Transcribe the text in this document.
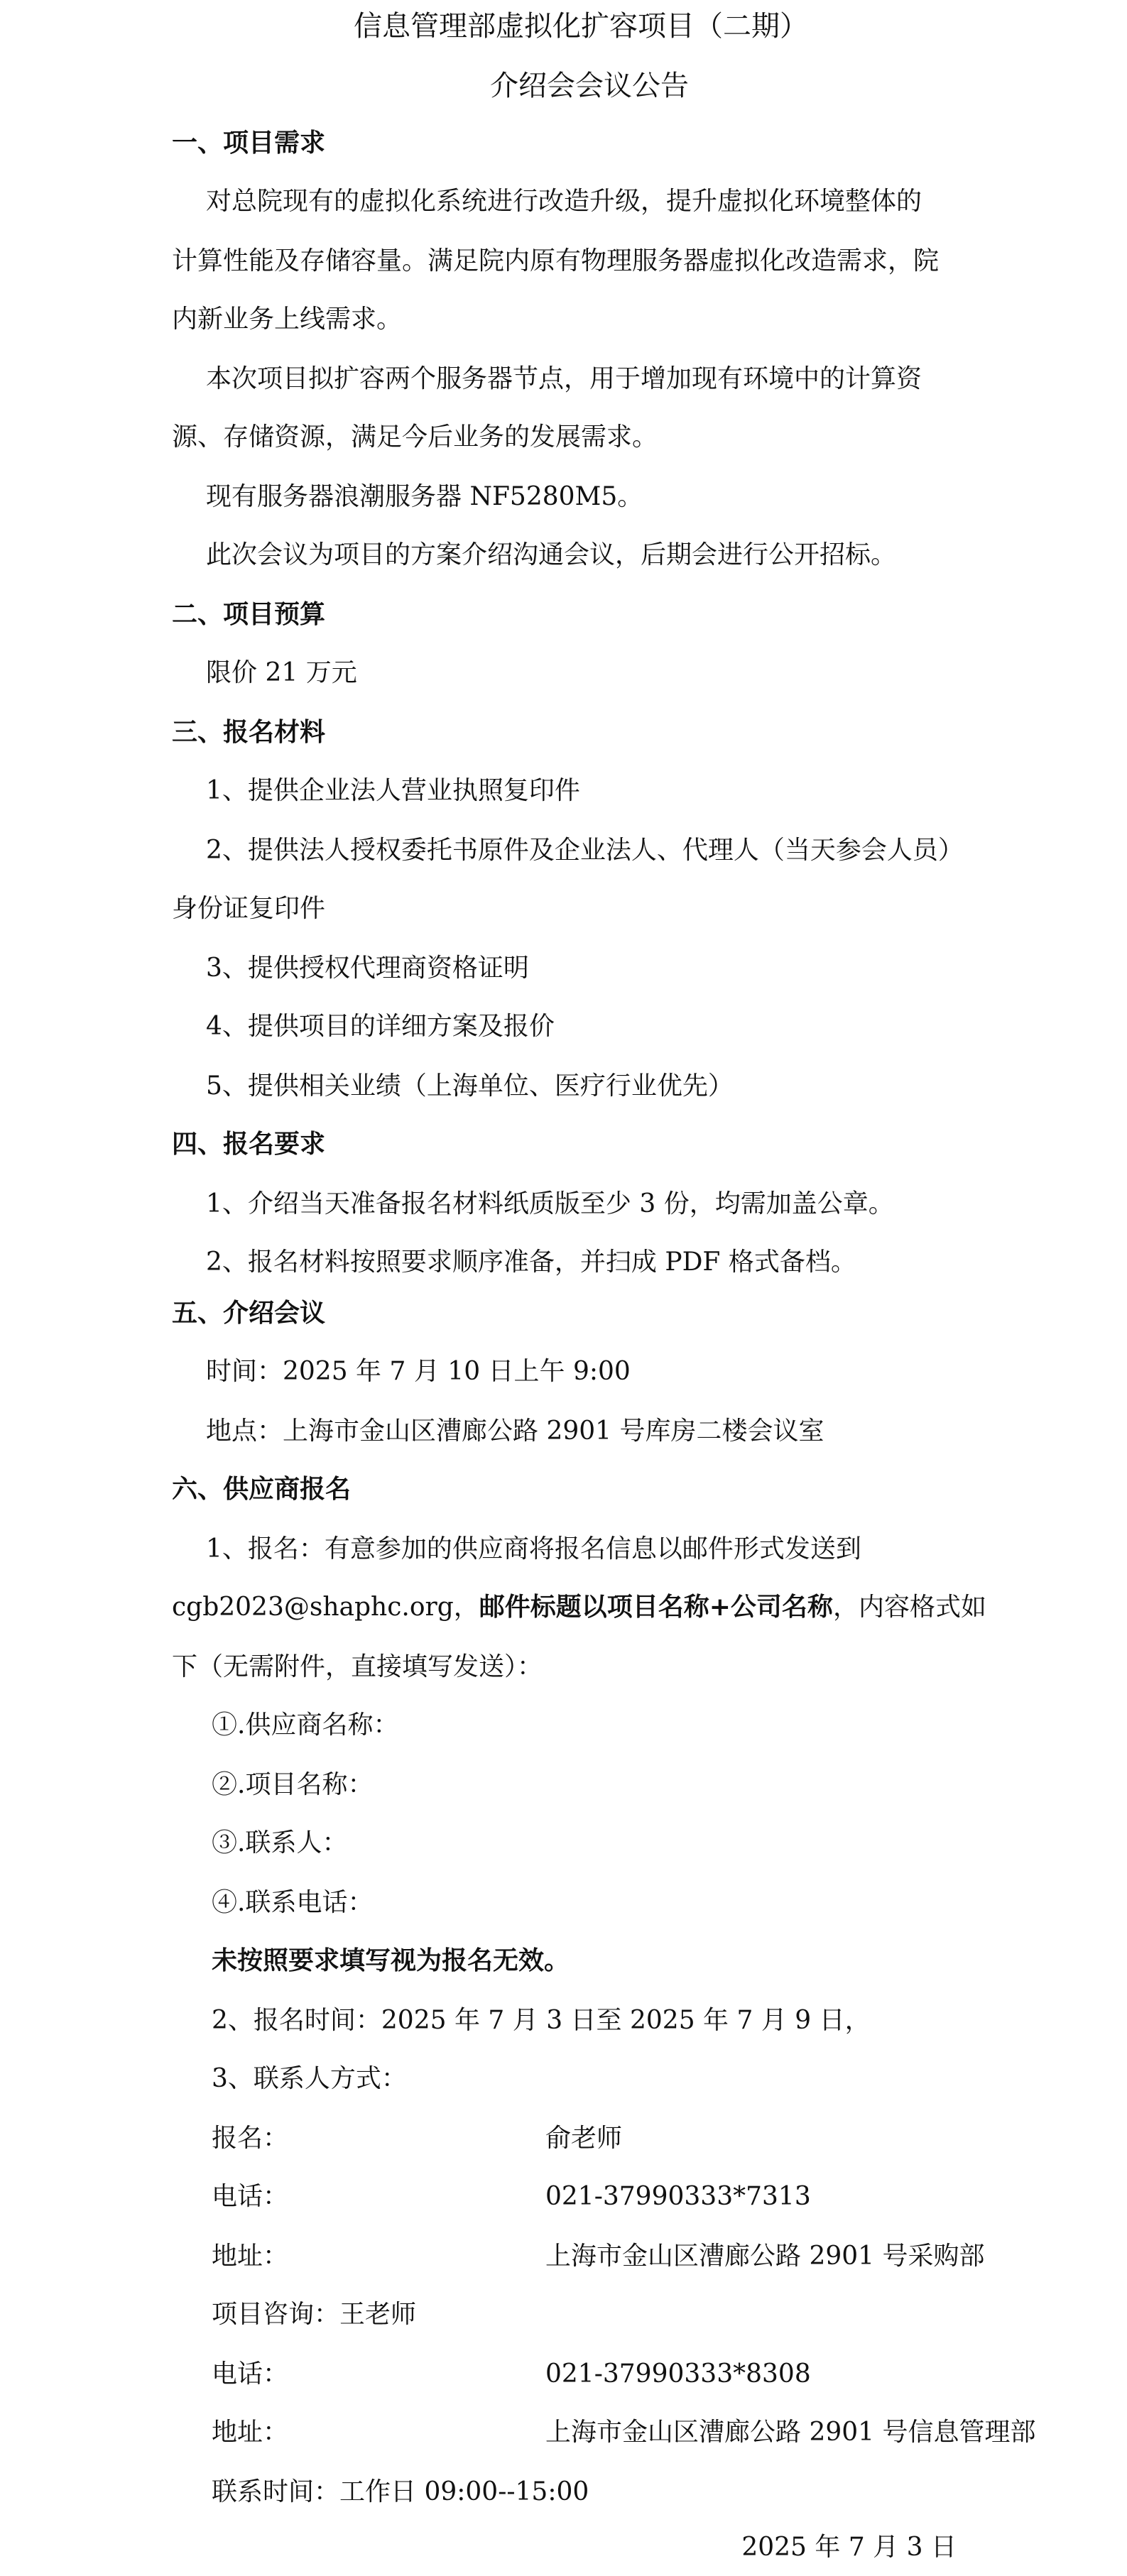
信息管理部虚拟化扩容项目（二期）
介绍会会议公告
一、项目需求
对总院现有的虚拟化系统进行改造升级，提升虚拟化环境整体的
计算性能及存储容量。满足院内原有物理服务器虚拟化改造需求，院
内新业务上线需求。
本次项目拟扩容两个服务器节点，用于增加现有环境中的计算资
源、存储资源，满足今后业务的发展需求。
现有服务器浪潮服务器 NF5280M5。
此次会议为项目的方案介绍沟通会议，后期会进行公开招标。
二、项目预算
限价 21 万元
三、报名材料
1、提供企业法人营业执照复印件
2、提供法人授权委托书原件及企业法人、代理人（当天参会人员）
身份证复印件
3、提供授权代理商资格证明
4、提供项目的详细方案及报价
5、提供相关业绩（上海单位、医疗行业优先）
四、报名要求
1、介绍当天准备报名材料纸质版至少 3 份，均需加盖公章。
2、报名材料按照要求顺序准备，并扫成 PDF 格式备档。
五、介绍会议
时间：2025 年 7 月 10 日上午 9:00
地点：上海市金山区漕廊公路 2901 号库房二楼会议室
六、供应商报名
1、报名：有意参加的供应商将报名信息以邮件形式发送到
cgb2023@shaphc.org，邮件标题以项目名称+公司名称，内容格式如
下（无需附件，直接填写发送）：
①.供应商名称：
②.项目名称：
③.联系人：
④.联系电话：
未按照要求填写视为报名无效。
2、报名时间：2025 年 7 月 3 日至 2025 年 7 月 9 日，
3、联系人方式：
报名：	俞老师
电话：	021-37990333*7313
地址：	上海市金山区漕廊公路 2901 号采购部
项目咨询：王老师
电话：	021-37990333*8308
地址：	上海市金山区漕廊公路 2901 号信息管理部
联系时间：工作日 09:00--15:00
2025 年 7 月 3 日
